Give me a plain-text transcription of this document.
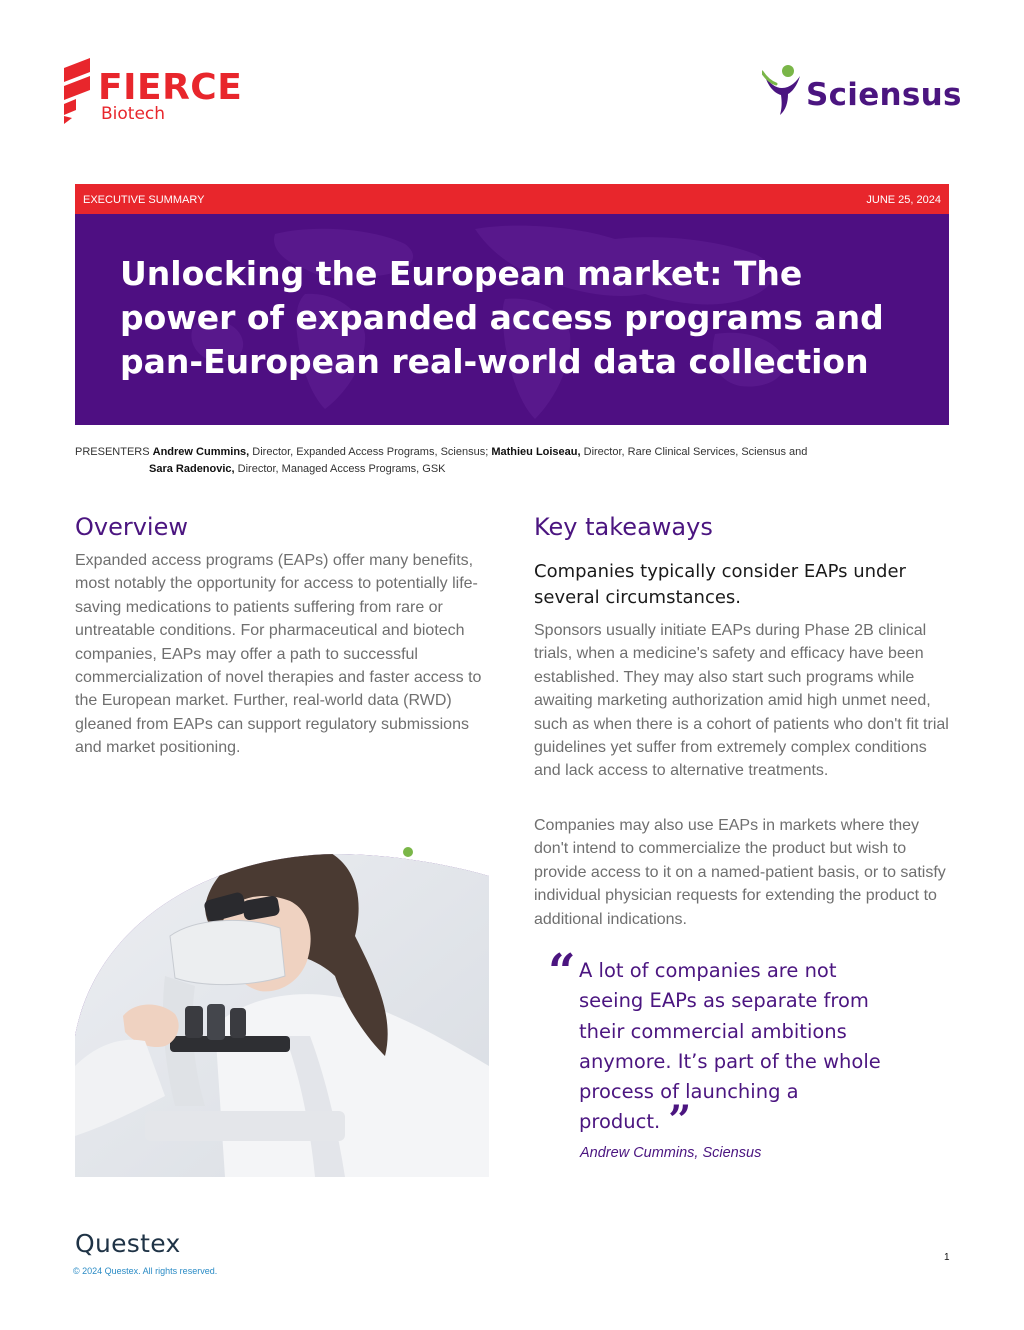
FIERCE
Biotech
Sciensus
EXECUTIVE SUMMARY	JUNE 25, 2024
Unlocking the European market: The power of expanded access programs and pan-European real-world data collection
PRESENTERS Andrew Cummins, Director, Expanded Access Programs, Sciensus; Mathieu Loiseau, Director, Rare Clinical Services, Sciensus and
Sara Radenovic, Director, Managed Access Programs, GSK
Overview
Expanded access programs (EAPs) offer many benefits, most notably the opportunity for access to potentially life-saving medications to patients suffering from rare or untreatable conditions. For pharmaceutical and biotech companies, EAPs may offer a path to successful commercialization of novel therapies and faster access to the European market. Further, real-world data (RWD) gleaned from EAPs can support regulatory submissions and market positioning.
Key takeaways
Companies typically consider EAPs under several circumstances.
Sponsors usually initiate EAPs during Phase 2B clinical trials, when a medicine's safety and efficacy have been established. They may also start such programs while awaiting marketing authorization amid high unmet need, such as when there is a cohort of patients who don't fit trial guidelines yet suffer from extremely complex conditions and lack access to alternative treatments.
Companies may also use EAPs in markets where they don't intend to commercialize the product but wish to provide access to it on a named-patient basis, or to satisfy individual physician requests for extending the product to additional indications.
“ A lot of companies are not seeing EAPs as separate from their commercial ambitions anymore. It’s part of the whole process of launching a product. ”
Andrew Cummins, Sciensus
Questex
© 2024 Questex. All rights reserved.
1
